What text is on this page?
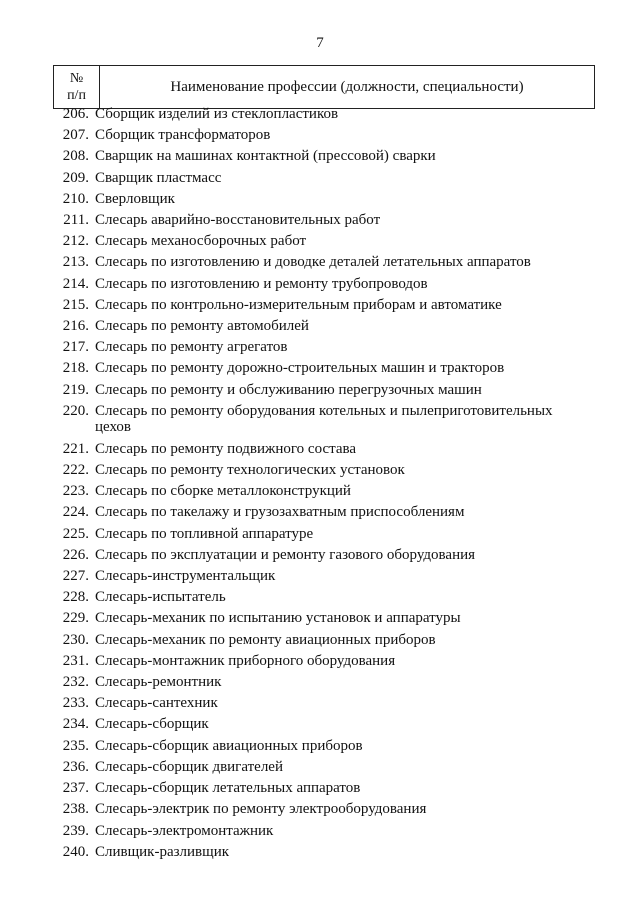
7
№
п/п
Наименование профессии (должности, специальности)
206. Сборщик изделий из стеклопластиков
207. Сборщик трансформаторов
208. Сварщик на машинах контактной (прессовой) сварки
209. Сварщик пластмасс
210. Сверловщик
211. Слесарь аварийно-восстановительных работ
212. Слесарь механосборочных работ
213. Слесарь по изготовлению и доводке деталей летательных аппаратов
214. Слесарь по изготовлению и ремонту трубопроводов
215. Слесарь по контрольно-измерительным приборам и автоматике
216. Слесарь по ремонту автомобилей
217. Слесарь по ремонту агрегатов
218. Слесарь по ремонту дорожно-строительных машин и тракторов
219. Слесарь по ремонту и обслуживанию перегрузочных машин
220. Слесарь по ремонту оборудования котельных и пылеприготовительных цехов
221. Слесарь по ремонту подвижного состава
222. Слесарь по ремонту технологических установок
223. Слесарь по сборке металлоконструкций
224. Слесарь по такелажу и грузозахватным приспособлениям
225. Слесарь по топливной аппаратуре
226. Слесарь по эксплуатации и ремонту газового оборудования
227. Слесарь-инструментальщик
228. Слесарь-испытатель
229. Слесарь-механик по испытанию установок и аппаратуры
230. Слесарь-механик по ремонту авиационных приборов
231. Слесарь-монтажник приборного оборудования
232. Слесарь-ремонтник
233. Слесарь-сантехник
234. Слесарь-сборщик
235. Слесарь-сборщик авиационных приборов
236. Слесарь-сборщик двигателей
237. Слесарь-сборщик летательных аппаратов
238. Слесарь-электрик по ремонту электрооборудования
239. Слесарь-электромонтажник
240. Сливщик-разливщик
